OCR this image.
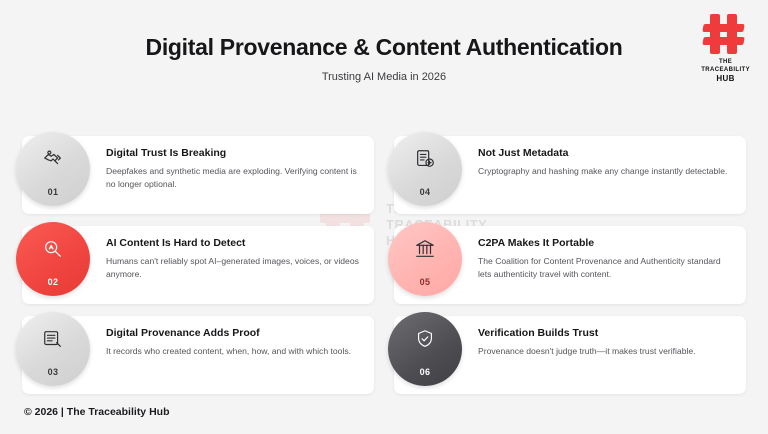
THE
TRACEABILITY
HUB
Digital Provenance & Content Authentication
Trusting AI Media in 2026
01
Digital Trust Is Breaking
Deepfakes and synthetic media are exploding. Verifying content is no longer optional.
04
Not Just Metadata
Cryptography and hashing make any change instantly detectable.
02
AI Content Is Hard to Detect
Humans can't reliably spot AI–generated images, voices, or videos anymore.
05
C2PA Makes It Portable
The Coalition for Content Provenance and Authenticity standard lets authenticity travel with content.
03
Digital Provenance Adds Proof
It records who created content, when, how, and with which tools.
06
Verification Builds Trust
Provenance doesn't judge truth—it makes trust verifiable.
© 2026 | The Traceability Hub
